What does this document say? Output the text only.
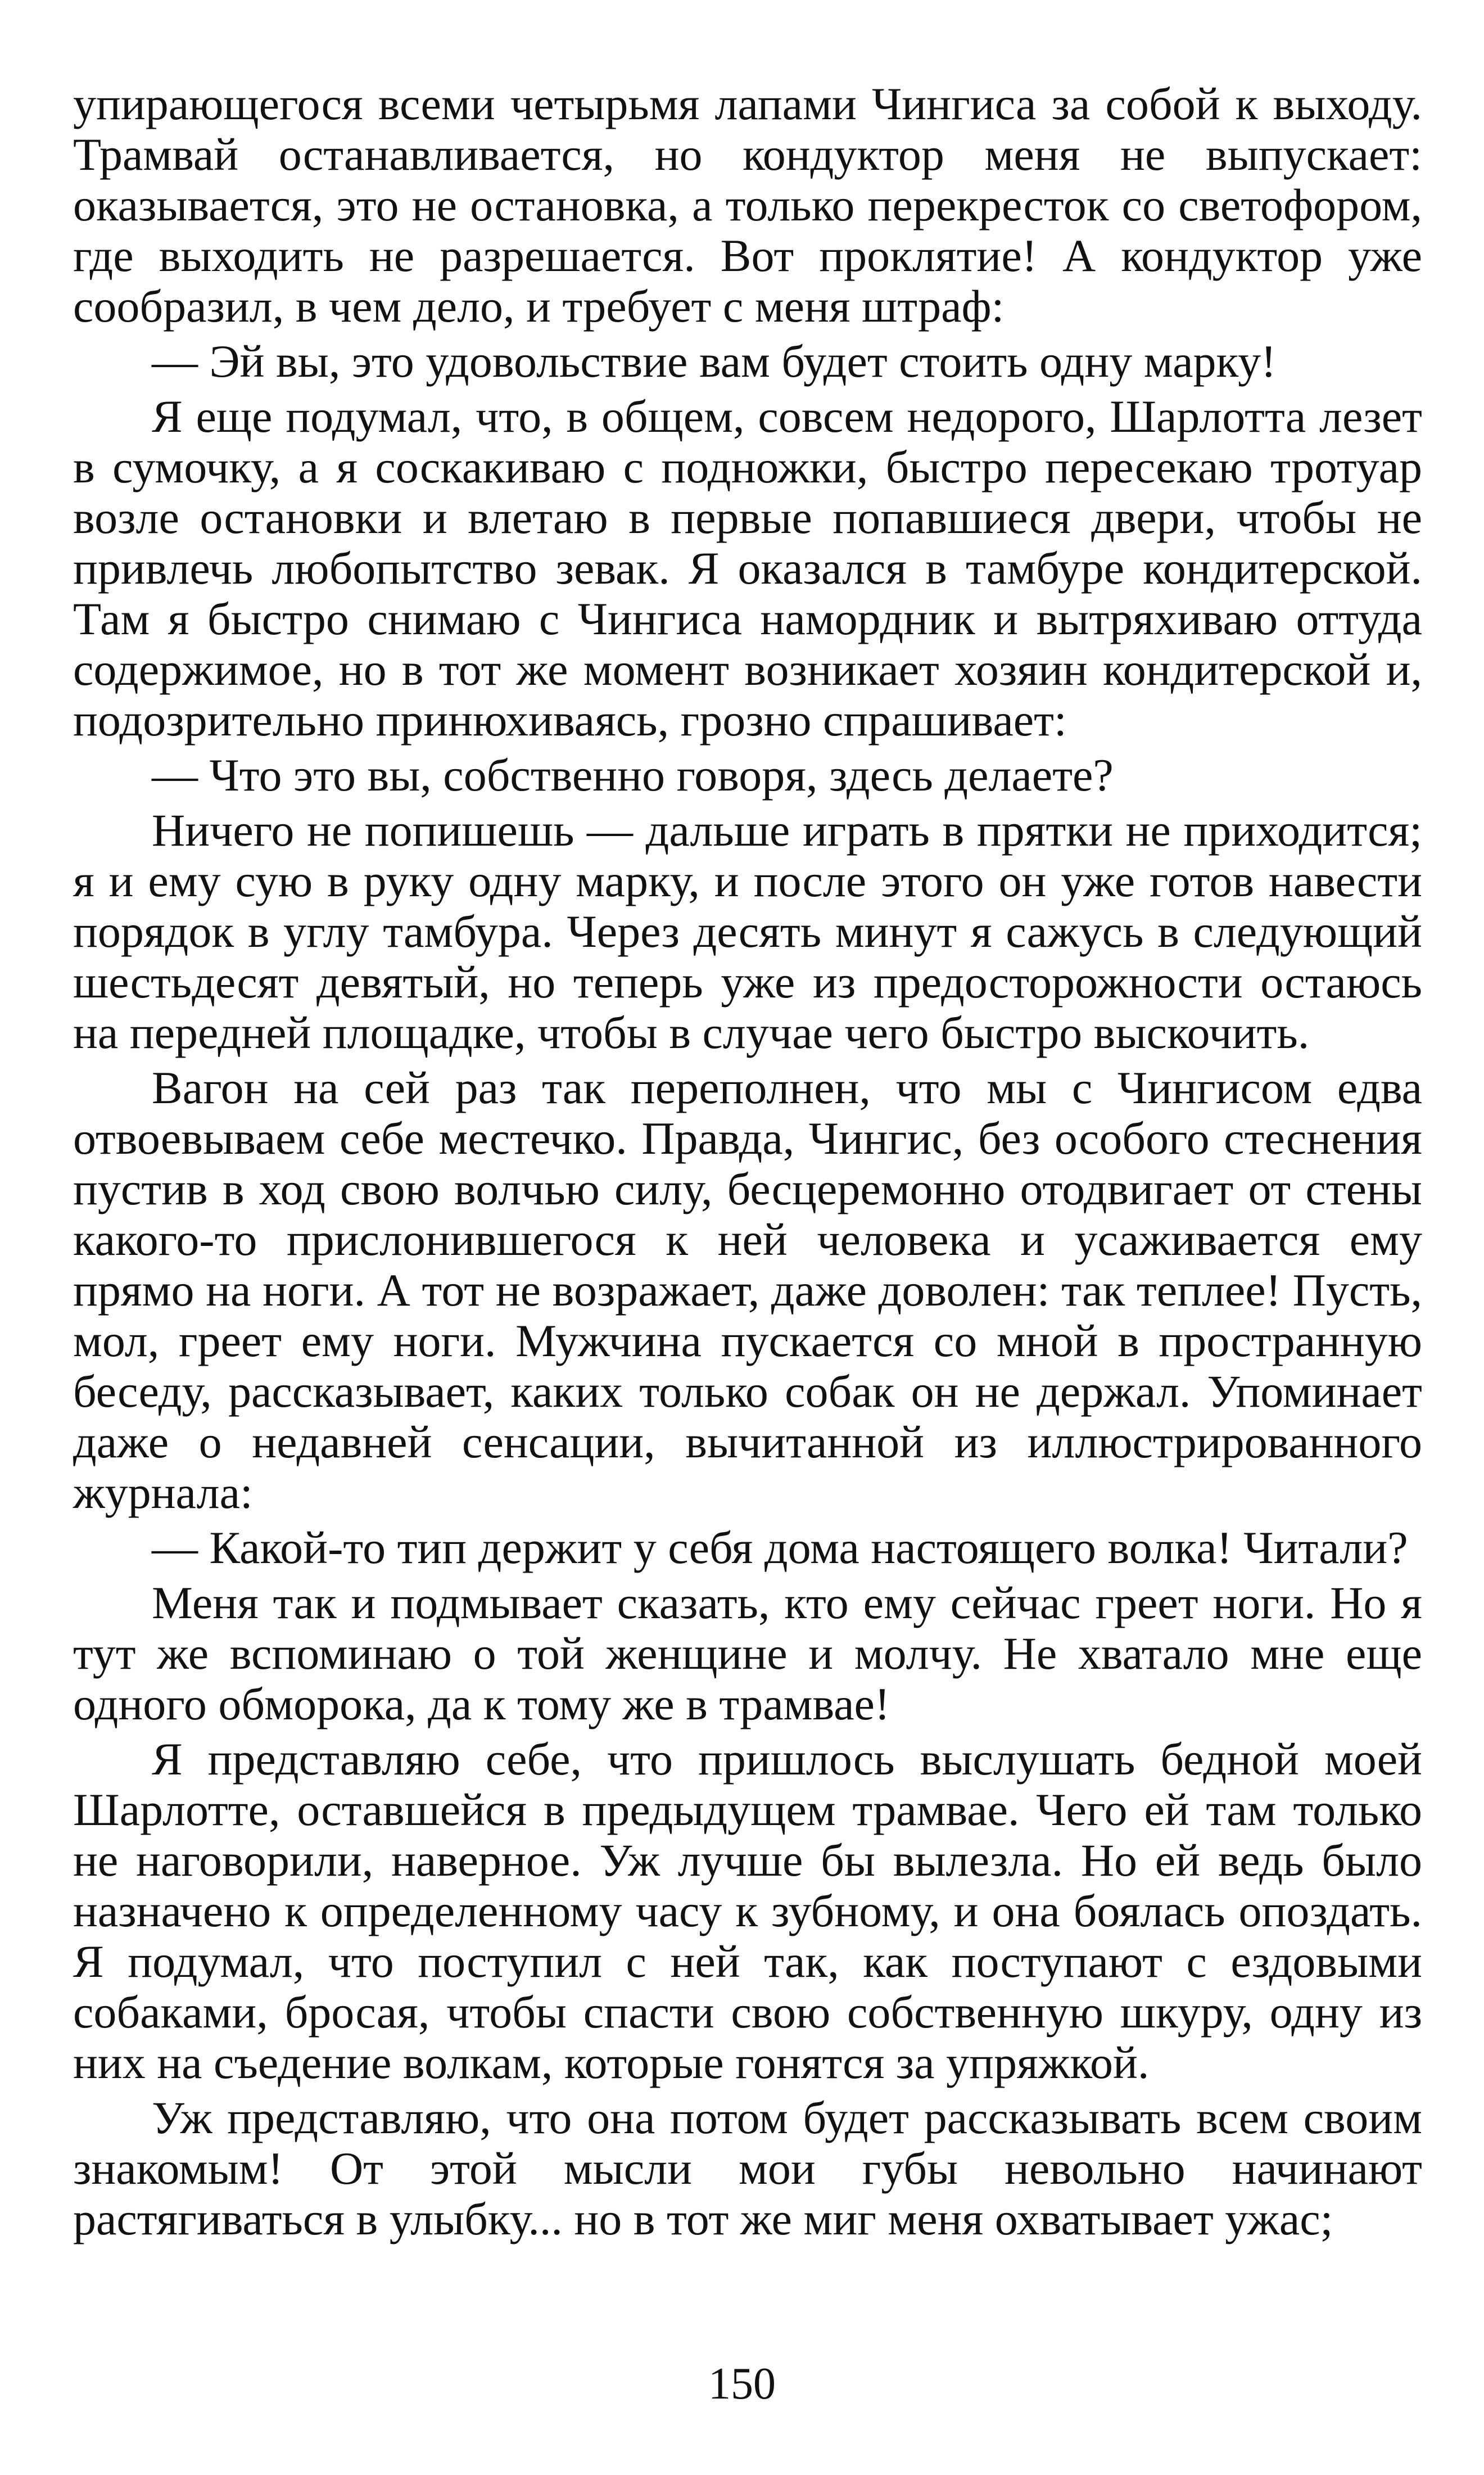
упирающегося всеми четырьмя лапами Чингиса за собой к выходу. Трамвай останавливается, но кондуктор меня не выпускает: оказывается, это не остановка, а только перекресток со светофором, где выходить не разрешается. Вот проклятие! А кондуктор уже сообразил, в чем дело, и требует с меня штраф:

— Эй вы, это удовольствие вам будет стоить одну марку!

Я еще подумал, что, в общем, совсем недорого, Шарлотта лезет в сумочку, а я соскакиваю с подножки, быстро пересекаю тротуар возле остановки и влетаю в первые попавшиеся двери, чтобы не привлечь любопытство зевак. Я оказался в тамбуре кондитерской. Там я быстро снимаю с Чингиса намордник и вытряхиваю оттуда содержимое, но в тот же момент возникает хозяин кондитерской и, подозрительно принюхиваясь, грозно спрашивает:

— Что это вы, собственно говоря, здесь делаете?

Ничего не попишешь — дальше играть в прятки не приходится; я и ему сую в руку одну марку, и после этого он уже готов навести порядок в углу тамбура. Через десять минут я сажусь в следующий шестьдесят девятый, но теперь уже из предосторожности остаюсь на передней площадке, чтобы в случае чего быстро выскочить.

Вагон на сей раз так переполнен, что мы с Чингисом едва отвоевываем себе местечко. Правда, Чингис, без особого стеснения пустив в ход свою волчью силу, бесцеремонно отодвигает от стены какого-то прислонившегося к ней человека и усаживается ему прямо на ноги. А тот не возражает, даже доволен: так теплее! Пусть, мол, греет ему ноги. Мужчина пускается со мной в пространную беседу, рассказывает, каких только собак он не держал. Упоминает даже о недавней сенсации, вычитанной из иллюстрированного журнала:

— Какой-то тип держит у себя дома настоящего волка! Читали?

Меня так и подмывает сказать, кто ему сейчас греет ноги. Но я тут же вспоминаю о той женщине и молчу. Не хватало мне еще одного обморока, да к тому же в трамвае!

Я представляю себе, что пришлось выслушать бедной моей Шарлотте, оставшейся в предыдущем трамвае. Чего ей там только не наговорили, наверное. Уж лучше бы вылезла. Но ей ведь было назначено к определенному часу к зубному, и она боялась опоздать. Я подумал, что поступил с ней так, как поступают с ездовыми собаками, бросая, чтобы спасти свою собственную шкуру, одну из них на съедение волкам, которые гонятся за упряжкой.

Уж представляю, что она потом будет рассказывать всем своим знакомым! От этой мысли мои губы невольно начинают растягиваться в улыбку... но в тот же миг меня охватывает ужас;

150
